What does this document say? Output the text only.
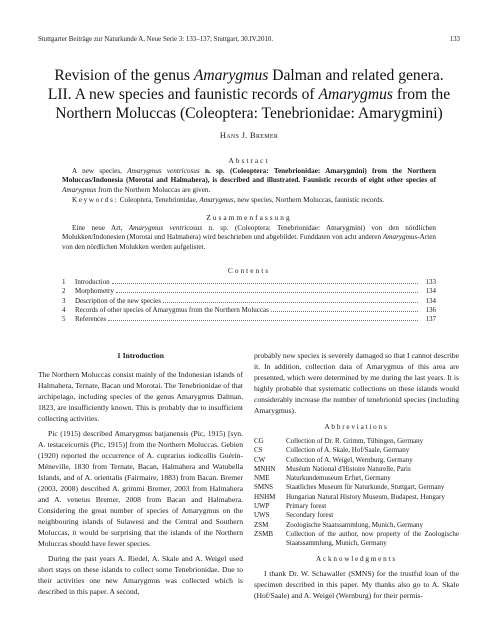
Stuttgarter Beiträge zur Naturkunde A, Neue Serie 3: 133–137; Stuttgart, 30.IV.2010.	133
Revision of the genus Amarygmus Dalman and related genera.
LII. A new species and faunistic records of Amarygmus from the
Northern Moluccas (Coleoptera: Tenebrionidae: Amarygmini)
Hans J. Bremer
Abstract
A new species, Amarygmus ventricosus n. sp. (Coleoptera: Tenebrionidae: Amarygmini) from the Northern Moluccas/Indonesia (Morotai and Halmahera), is described and illustrated. Faunistic records of eight other species of Amarygmus from the Northern Moluccas are given.
Keywords: Coleoptera, Tenebrionidae, Amarygmus, new species, Northern Moluccas, faunistic records.
Zusammenfassung
Eine neue Art, Amarygmus ventricosus n. sp. (Coleoptera: Tenebrionidae: Amarygmini) von den nördlichen Molukken/Indonesien (Morotai und Halmahera) wird beschrieben und abgebildet. Funddaten von acht anderen Amarygmus-Arten von den nördlichen Molukken werden aufgelistet.
Contents
1	Introduction	133
2	Morphometry	134
3	Description of the new species	134
4	Records of other species of Amarygmus from the Northern Moluccas	136
5	References	137
1 Introduction

The Northern Moluccas consist mainly of the Indonesian islands of Halmahera, Ternate, Bacan und Morotai. The Tenebrionidae of that archipelago, including species of the genus Amarygmus Dalman, 1823, are insufficiently known. This is probably due to insufficient collecting activities.

Pic (1915) described Amarygmus batjanensis (Pic, 1915) [syn. A. testaceicornis (Pic, 1915)] from the Northern Moluccas. Gebien (1920) reported the occurrence of A. cuprarius iodicollis Guérin-Méneville, 1830 from Ternate, Bacan, Halmahera and Watubella Islands, and of A. orientalis (Fairmaire, 1883) from Bacan. Bremer (2003, 2008) described A. grimmi Bremer, 2003 from Halmahera and A. venetus Bremer, 2008 from Bacan and Halmahera. Considering the great number of species of Amarygmus on the neighbouring islands of Sulawesi and the Central and Southern Moluccas, it would be surprising that the islands of the Northern Moluccas should have fewer species.

During the past years A. Riedel, A. Skale and A. Weigel used short stays on these islands to collect some Tenebrionidae. Due to their activities one new Amarygmus was collected which is described in this paper. A second,

probably new species is severely damaged so that I cannot describe it. In addition, collection data of Amarygmus of this area are presented, which were determined by me during the last years. It is highly probable that systematic collections on these islands would considerably increase the number of tenebrionid species (including Amarygmus).

Abbreviations
CG	Collection of Dr. R. Grimm, Tübingen, Germany
CS	Collection of A. Skale, Hof/Saale, Germany
CW	Collection of A. Weigel, Wernburg, Germany
MNHN	Muséum National d'Histoire Naturelle, Paris
NME	Naturkundemuseum Erfurt, Germany
SMNS	Staatliches Museum für Naturkunde, Stuttgart, Germany
HNHM	Hungarian Natural History Museum, Budapest, Hungary
UWP	Primary forest
UWS	Secondary forest
ZSM	Zoologische Staatssammlung, Munich, Germany
ZSMB	Collection of the author, now property of the Zoologische Staatssammlung, Munich, Germany
Acknowledgments

I thank Dr. W. Schawaller (SMNS) for the trustful loan of the specimen described in this paper. My thanks also go to A. Skale (Hof/Saale) and A. Weigel (Wernburg) for their permis-
